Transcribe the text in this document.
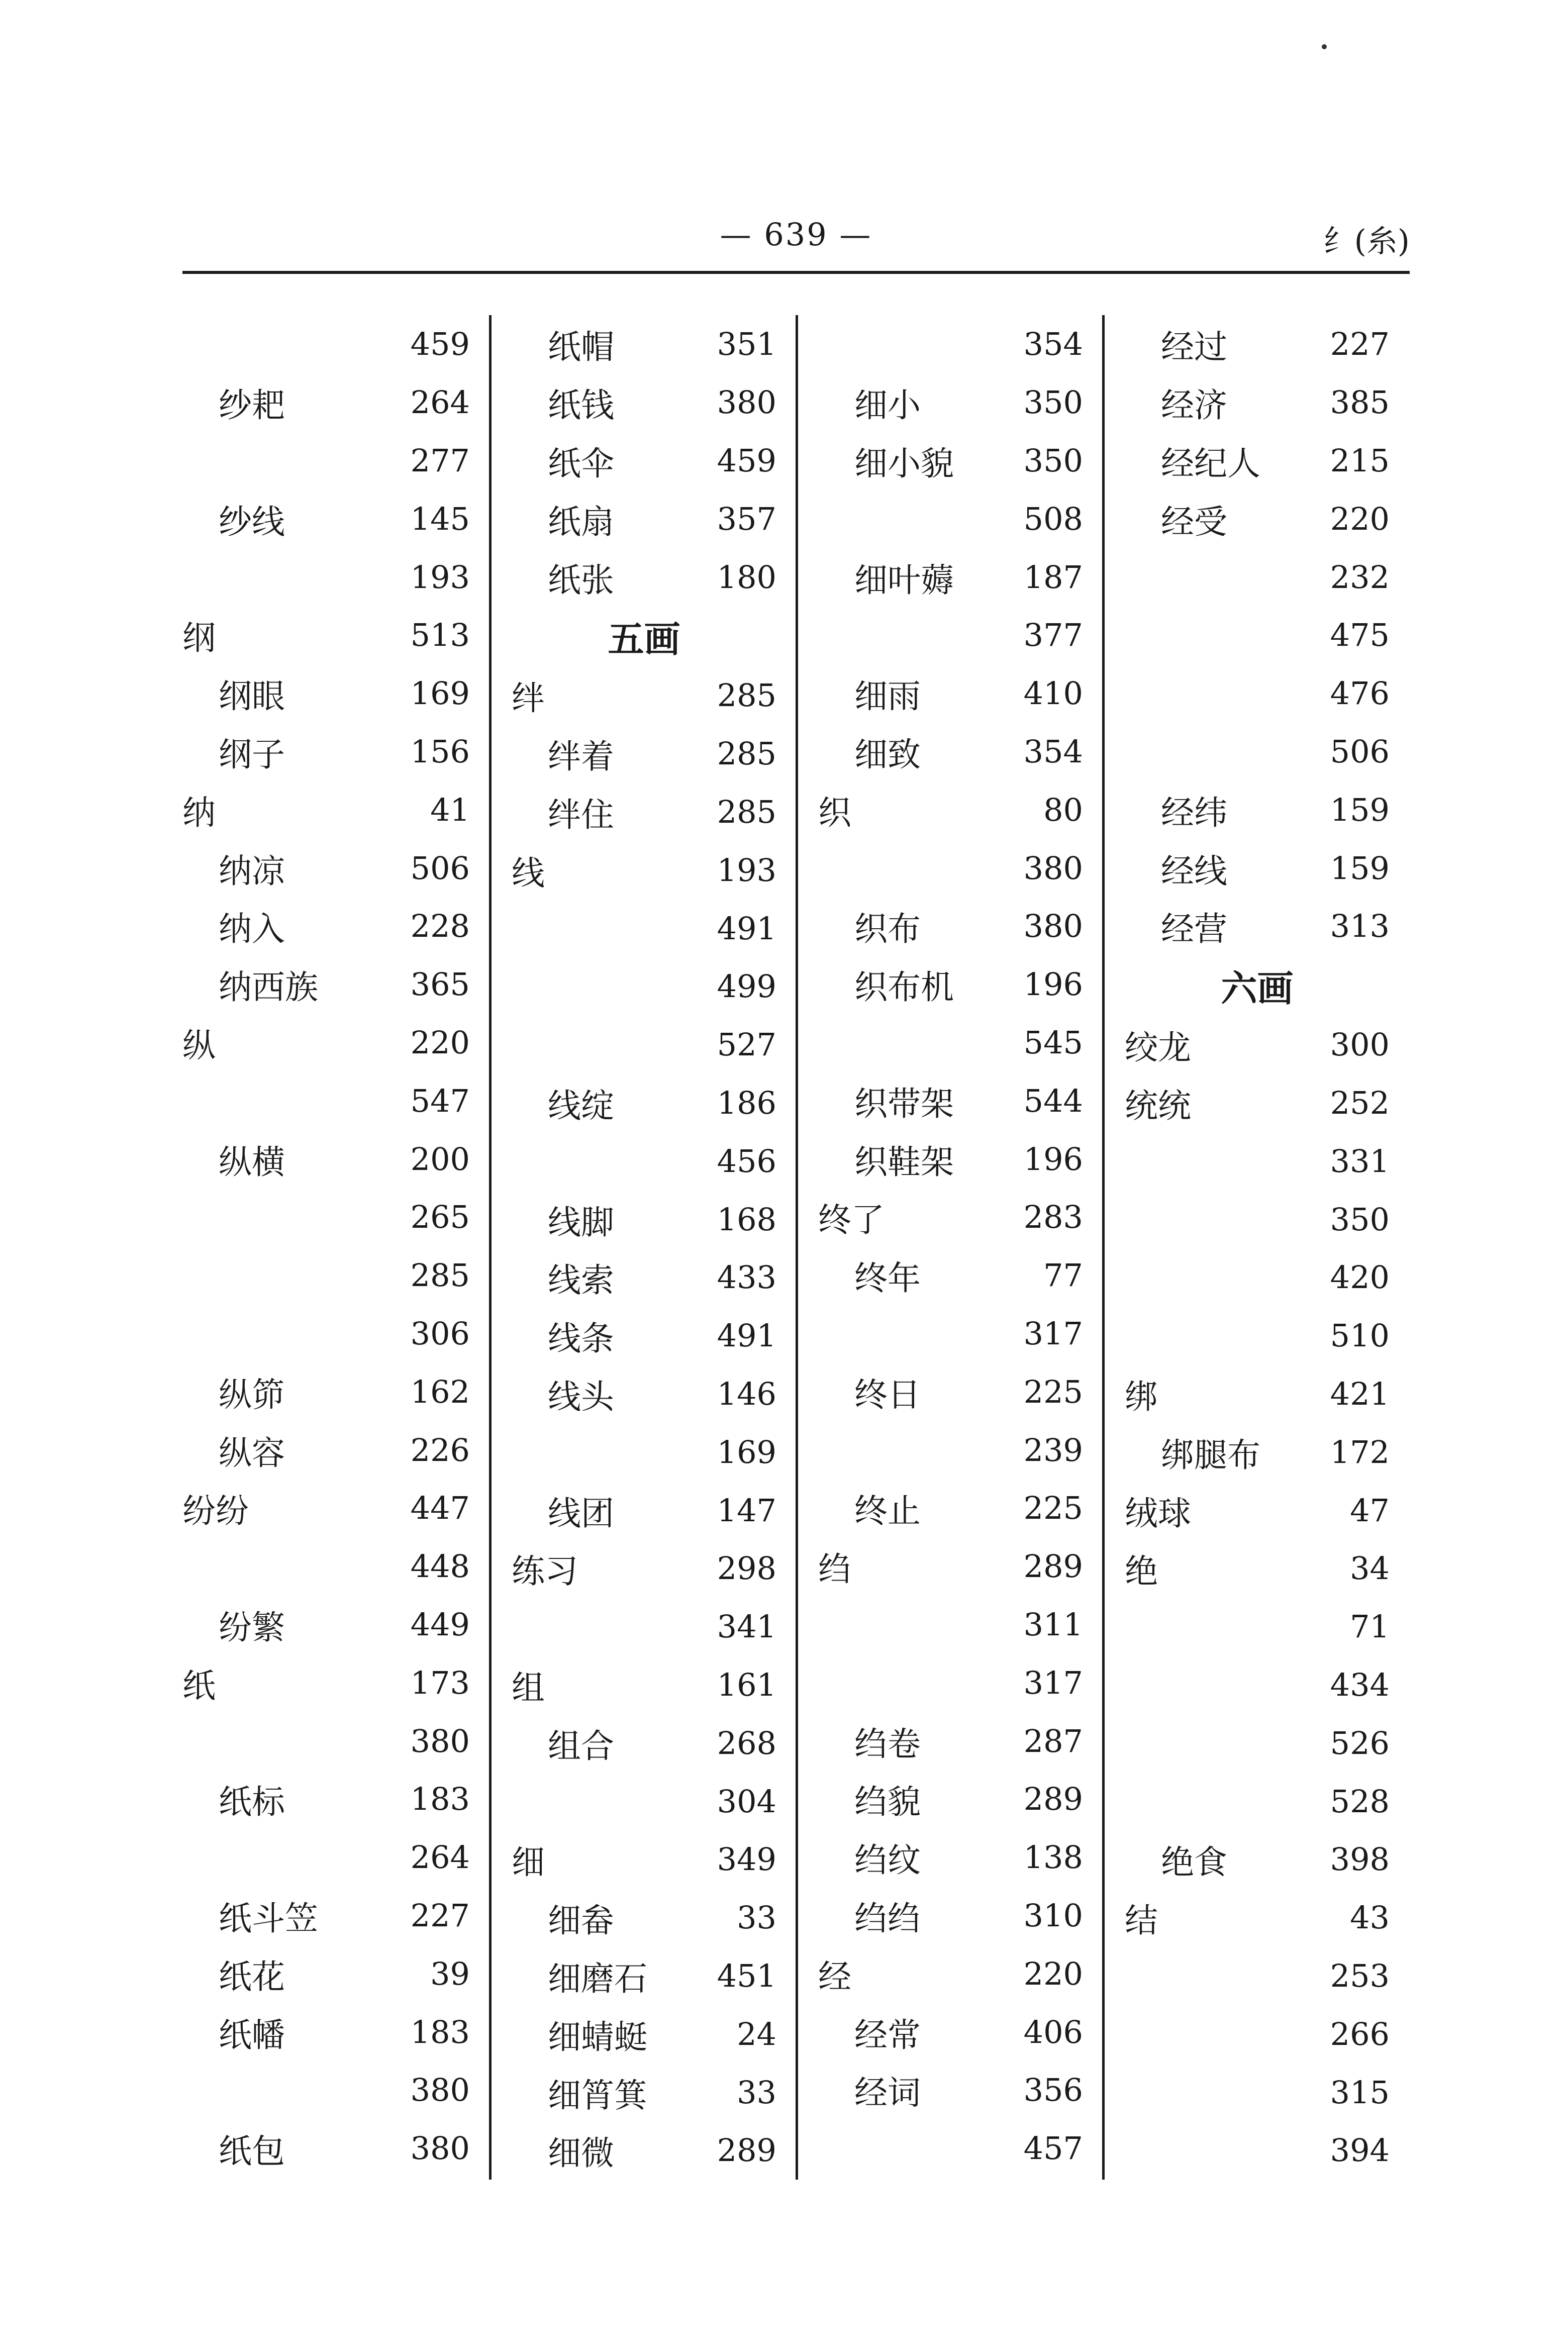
— 639 —	纟(糸)
459
纱耙	264
277
纱线	145
193
纲	513
纲眼	169
纲子	156
纳	41
纳凉	506
纳入	228
纳西族	365
纵	220
547
纵横	200
265
285
306
纵笷	162
纵容	226
纷纷	447
448
纷繁	449
纸	173
380
纸标	183
264
纸斗笠	227
纸花	39
纸幡	183
380
纸包	380
纸帽	351
纸钱	380
纸伞	459
纸扇	357
纸张	180
五画
绊	285
绊着	285
绊住	285
线	193
491
499
527
线绽	186
456
线脚	168
线索	433
线条	491
线头	146
169
线团	147
练习	298
341
组	161
组合	268
304
细	349
细畚	33
细磨石 451
细蜻蜓	24
细筲箕	33
细微	289
354
细小	350
细小貌 350
508
细叶薅 187
377
细雨	410
细致	354
织	80
380
织布	380
织布机 196
545
织带架 544
织鞋架 196
终了	283
终年	77
317
终日	225
239
终止	225
绉	289
311
317
绉卷	287
绉貌	289
绉纹	138
绉绉	310
经	220
经常	406
经词	356
457
经过	227
经济	385
经纪人 215
经受	220
232
475
476
506
经纬	159
经线	159
经营	313
六画
绞龙	300
统统	252
331
350
420
510
绑	421
绑腿布 172
绒球	47
绝	34
71
434
526
528
绝食	398
结	43
253
266
315
394
